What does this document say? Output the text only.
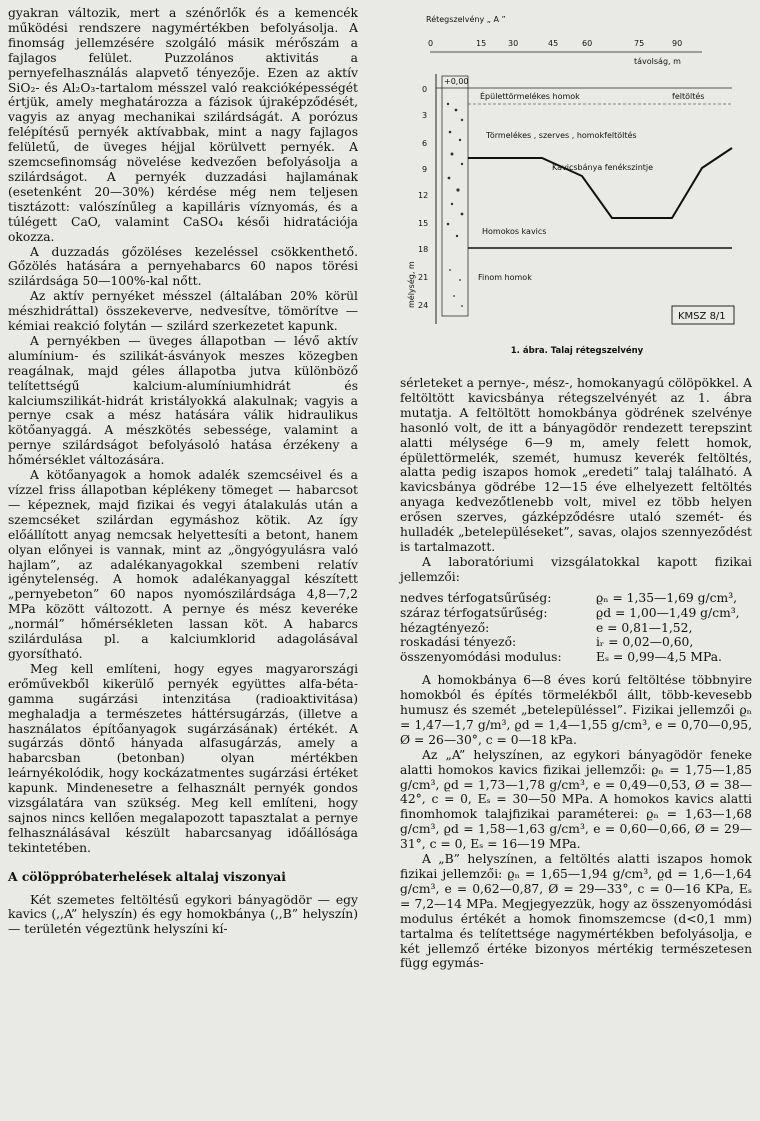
gyakran változik, mert a szénőrlők és a kemencék működési rendszere nagymértékben befolyásolja. A finomság jellemzésére szolgáló másik mérőszám a fajlagos felület. Puzzolános aktivitás a pernyefelhasználás alapvető tényezője. Ezen az aktív SiO₂- és Al₂O₃-tartalom mésszel való reakcióképességét értjük, amely meghatározza a fázisok újraképződését, vagyis az anyag mechanikai szilárdságát. A porózus felépítésű pernyék aktívabbak, mint a nagy fajlagos felületű, de üveges héjjal körülvett pernyék. A szemcsefinomság növelése kedvezően befolyásolja a szilárdságot. A pernyék duzzadási hajlamának (esetenként 20—30%) kérdése még nem teljesen tisztázott: valószínűleg a kapilláris víznyomás, és a túlégett CaO, valamint CaSO₄ késői hidratációja okozza.

A duzzadás gőzöléses kezeléssel csökkenthető. Gőzölés hatására a pernyehabarcs 60 napos törési szilárdsága 50—100%-kal nőtt.

Az aktív pernyéket mésszel (általában 20% körül mészhidráttal) összekeverve, nedvesítve, tömörítve — kémiai reakció folytán — szilárd szerkezetet kapunk.

A pernyékben — üveges állapotban — lévő aktív alumínium- és szilikát-ásványok meszes közegben reagálnak, majd géles állapotba jutva különböző telítettségű kalcium-alumíniumhidrát és kalciumszilikát-hidrát kristályokká alakulnak; vagyis a pernye csak a mész hatására válik hidraulikus kötőanyaggá. A mészkötés sebessége, valamint a pernye szilárdságot befolyásoló hatása érzékeny a hőmérséklet változására.

A kötőanyagok a homok adalék szemcséivel és a vízzel friss állapotban képlékeny tömeget — habarcsot — képeznek, majd fizikai és vegyi átalakulás után a szemcséket szilárdan egymáshoz kötik. Az így előállított anyag nemcsak helyettesíti a betont, hanem olyan előnyei is vannak, mint az „öngyógyulásra való hajlam”, az adalékanyagokkal szembeni relatív igénytelenség. A homok adalékanyaggal készített „pernyebeton” 60 napos nyomószilárdsága 4,8—7,2 MPa között változott. A pernye és mész keveréke „normál” hőmérsékleten lassan köt. A habarcs szilárdulása pl. a kalciumklorid adagolásával gyorsítható.

Meg kell említeni, hogy egyes magyarországi erőművekből kikerülő pernyék együttes alfa-béta-gamma sugárzási intenzitása (radioaktivitása) meghaladja a természetes háttérsugárzás, (illetve a használatos építőanyagok sugárzásának) értékét. A sugárzás döntő hányada alfasugárzás, amely a habarcsban (betonban) olyan mértékben leárnyékolódik, hogy kockázatmentes sugárzási értéket kapunk. Mindenesetre a felhasznált pernyék gondos vizsgálatára van szükség. Meg kell említeni, hogy sajnos nincs kellően megalapozott tapasztalat a pernye felhasználásával készült habarcsanyag időállósága tekintetében.

A cölöppróbaterhelések altalaj viszonyai

Két szemetes feltöltésű egykori bányagödör — egy kavics (,,A” helyszín) és egy homokbánya (,,B” helyszín) — területén végeztünk helyszíni kí-

Rétegszelvény „ A ”
0	15	30	45	60	75	90
távolság, m
0
3
6
9
12
15
18
21
24
mélység, m
+0,00
Épülettörmelékes homok	feltöltés
Törmelékes , szerves , homokfeltöltés
Kavicsbánya fenékszintje
Homokos kavics
Finom homok
KMSZ 8/1
1. ábra. Talaj rétegszelvény

sérleteket a pernye-, mész-, homokanyagú cölöpökkel. A feltöltött kavicsbánya rétegszelvényét az 1. ábra mutatja. A feltöltött homokbánya gödrének szelvénye hasonló volt, de itt a bányagödör rendezett terepszint alatti mélysége 6—9 m, amely felett homok, épülettörmelék, szemét, humusz keverék feltöltés, alatta pedig iszapos homok „eredeti” talaj található. A kavicsbánya gödrébe 12—15 éve elhelyezett feltöltés anyaga kedvezőtlenebb volt, mivel ez több helyen erősen szerves, gázképződésre utaló szemét- és hulladék „betelepüléseket”, savas, olajos szennyeződést is tartalmazott.

A laboratóriumi vizsgálatokkal kapott fizikai jellemzői:

nedves térfogatsűrűség:	ϱₙ = 1,35—1,69 g/cm³,
száraz térfogatsűrűség:	ϱd = 1,00—1,49 g/cm³,
hézagtényező:	e = 0,81—1,52,
roskadási tényező:	iᵣ = 0,02—0,60,
összenyomódási modulus:	Eₛ = 0,99—4,5 MPa.

A homokbánya 6—8 éves korú feltöltése többnyire homokból és építés törmelékből állt, több-kevesebb humusz és szemét „betelepüléssel”. Fizikai jellemzői ϱₙ = 1,47—1,7 g/m³, ϱd = 1,4—1,55 g/cm³, e = 0,70—0,95, Ø = 26—30°, c = 0—18 kPa.

Az „A” helyszínen, az egykori bányagödör feneke alatti homokos kavics fizikai jellemzői: ϱₙ = 1,75—1,85 g/cm³, ϱd = 1,73—1,78 g/cm³, e = 0,49—0,53, Ø = 38—42°, c = 0, Eₛ = 30—50 MPa. A homokos kavics alatti finomhomok talajfizikai paraméterei: ϱₙ = 1,63—1,68 g/cm³, ϱd = 1,58—1,63 g/cm³, e = 0,60—0,66, Ø = 29—31°, c = 0, Eₛ = 16—19 MPa.

A „B” helyszínen, a feltöltés alatti iszapos homok fizikai jellemzői: ϱₙ = 1,65—1,94 g/cm³, ϱd = 1,6—1,64 g/cm³, e = 0,62—0,87, Ø = 29—33°, c = 0—16 KPa, Eₛ = 7,2—14 MPa. Megjegyezzük, hogy az összenyomódási modulus értékét a homok finomszemcse (d<0,1 mm) tartalma és telítettsége nagymértékben befolyásolja, e két jellemző értéke bizonyos mértékig természetesen függ egymás-
